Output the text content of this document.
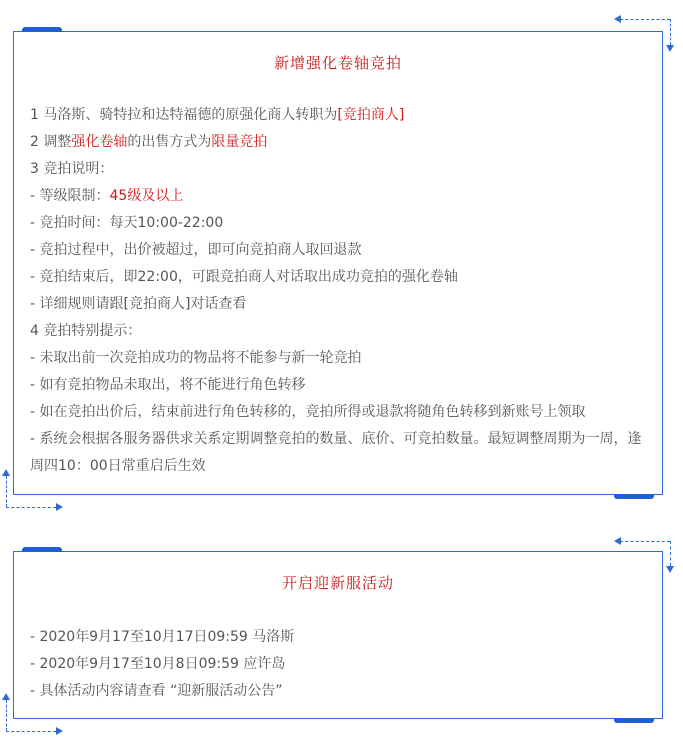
新增强化卷轴竞拍
1 马洛斯、骑特拉和达特福德的原强化商人转职为[竞拍商人]
2 调整强化卷轴的出售方式为限量竞拍
3 竞拍说明：
- 等级限制：45级及以上
- 竞拍时间：每天10:00-22:00
- 竞拍过程中，出价被超过，即可向竞拍商人取回退款
- 竞拍结束后，即22:00，可跟竞拍商人对话取出成功竞拍的强化卷轴
- 详细规则请跟[竞拍商人]对话查看
4 竞拍特别提示：
- 未取出前一次竞拍成功的物品将不能参与新一轮竞拍
- 如有竞拍物品未取出，将不能进行角色转移
- 如在竞拍出价后，结束前进行角色转移的，竞拍所得或退款将随角色转移到新账号上领取
- 系统会根据各服务器供求关系定期调整竞拍的数量、底价、可竞拍数量。最短调整周期为一周，逢周四10：00日常重启后生效
开启迎新服活动
- 2020年9月17至10月17日09:59 马洛斯
- 2020年9月17至10月8日09:59 应许岛
- 具体活动内容请查看 “迎新服活动公告”
